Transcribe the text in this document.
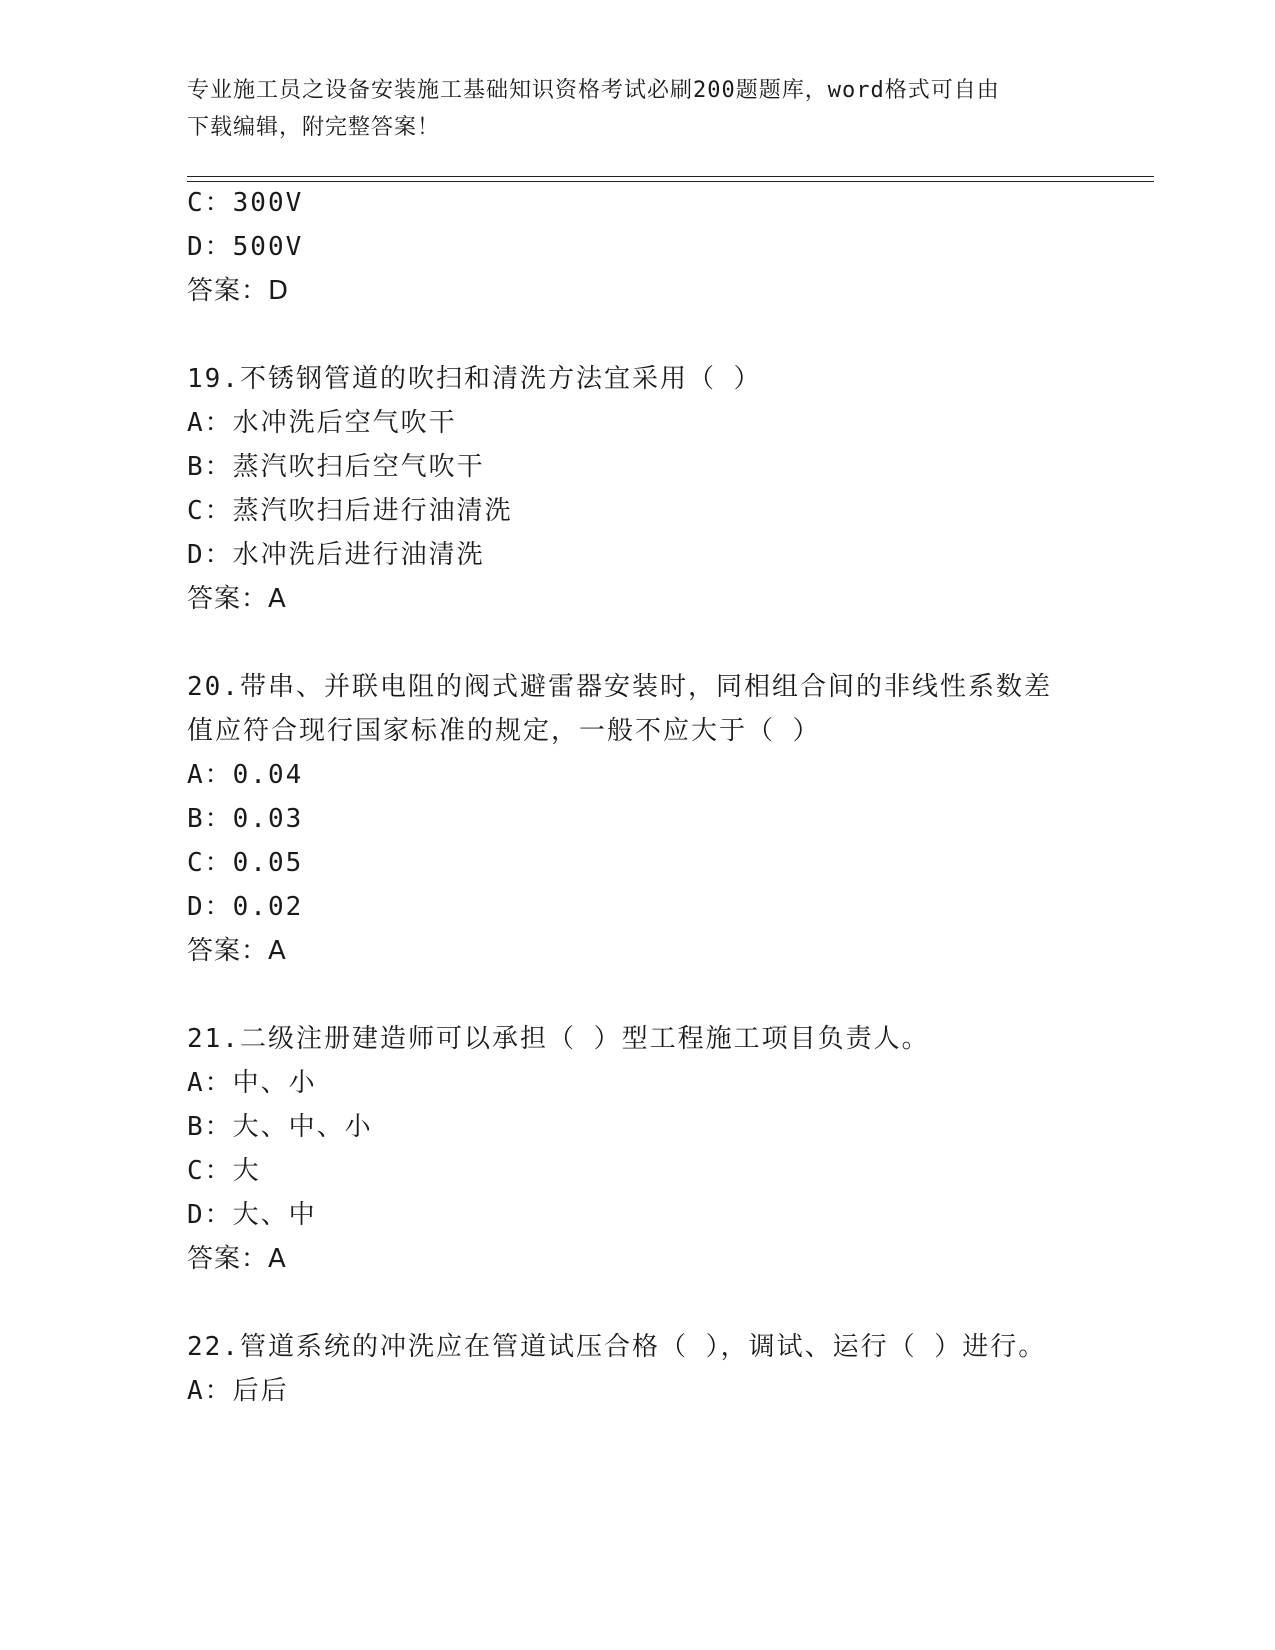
专业施工员之设备安装施工基础知识资格考试必刷200题题库，word格式可自由
下载编辑，附完整答案！
C：300V
D：500V
答案：D
19.不锈钢管道的吹扫和清洗方法宜采用（ ）
A：水冲洗后空气吹干
B：蒸汽吹扫后空气吹干
C：蒸汽吹扫后进行油清洗
D：水冲洗后进行油清洗
答案：A
20.带串、并联电阻的阀式避雷器安装时，同相组合间的非线性系数差
值应符合现行国家标准的规定，一般不应大于（ ）
A：0.04
B：0.03
C：0.05
D：0.02
答案：A
21.二级注册建造师可以承担（ ）型工程施工项目负责人。
A：中、小
B：大、中、小
C：大
D：大、中
答案：A
22.管道系统的冲洗应在管道试压合格（ ），调试、运行（ ）进行。
A：后后
